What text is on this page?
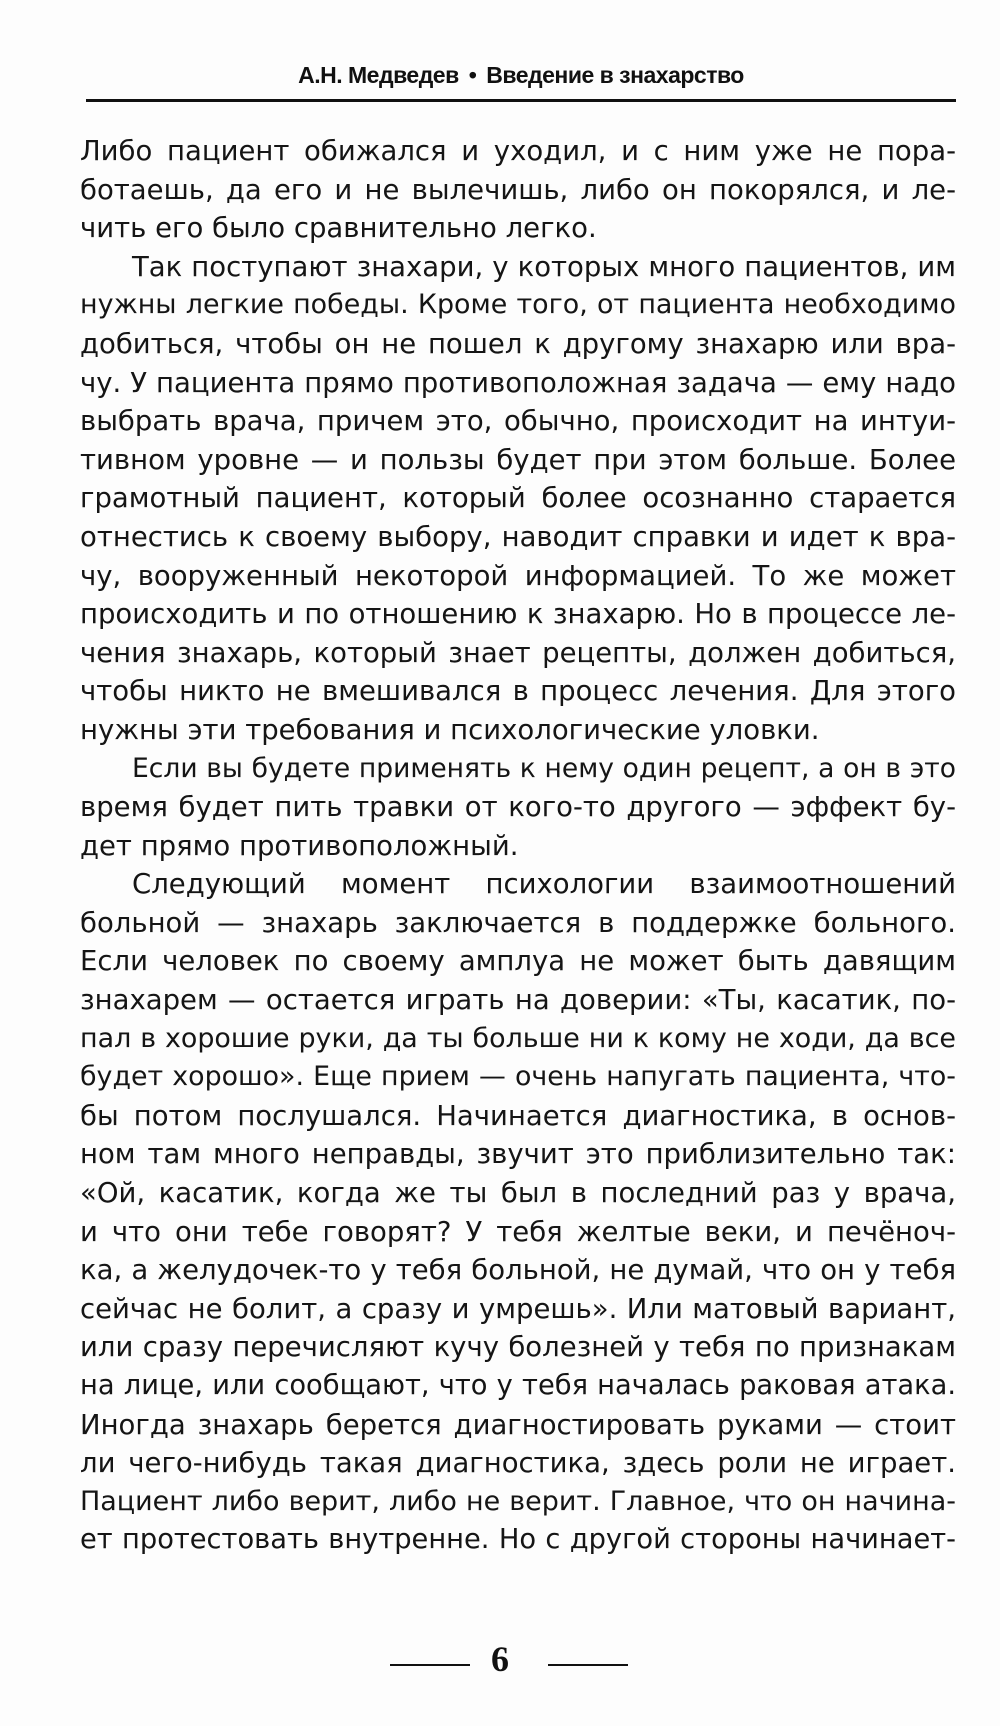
А.Н. Медведев • Введение в знахарство
Либо пациент обижался и уходил, и с ним уже не пора-
ботаешь, да его и не вылечишь, либо он покорялся, и ле-
чить его было сравнительно легко.
Так поступают знахари, у которых много пациентов, им
нужны легкие победы. Кроме того, от пациента необходимо
добиться, чтобы он не пошел к другому знахарю или вра-
чу. У пациента прямо противоположная задача — ему надо
выбрать врача, причем это, обычно, происходит на интуи-
тивном уровне — и пользы будет при этом больше. Более
грамотный пациент, который более осознанно старается
отнестись к своему выбору, наводит справки и идет к вра-
чу, вооруженный некоторой информацией. То же может
происходить и по отношению к знахарю. Но в процессе ле-
чения знахарь, который знает рецепты, должен добиться,
чтобы никто не вмешивался в процесс лечения. Для этого
нужны эти требования и психологические уловки.
Если вы будете применять к нему один рецепт, а он в это
время будет пить травки от кого-то другого — эффект бу-
дет прямо противоположный.
Следующий момент психологии взаимоотношений
больной — знахарь заключается в поддержке больного.
Если человек по своему амплуа не может быть давящим
знахарем — остается играть на доверии: «Ты, касатик, по-
пал в хорошие руки, да ты больше ни к кому не ходи, да все
будет хорошо». Еще прием — очень напугать пациента, что-
бы потом послушался. Начинается диагностика, в основ-
ном там много неправды, звучит это приблизительно так:
«Ой, касатик, когда же ты был в последний раз у врача,
и что они тебе говорят? У тебя желтые веки, и печёноч-
ка, а желудочек-то у тебя больной, не думай, что он у тебя
сейчас не болит, а сразу и умрешь». Или матовый вариант,
или сразу перечисляют кучу болезней у тебя по признакам
на лице, или сообщают, что у тебя началась раковая атака.
Иногда знахарь берется диагностировать руками — стоит
ли чего-нибудь такая диагностика, здесь роли не играет.
Пациент либо верит, либо не верит. Главное, что он начина-
ет протестовать внутренне. Но с другой стороны начинает-
6
